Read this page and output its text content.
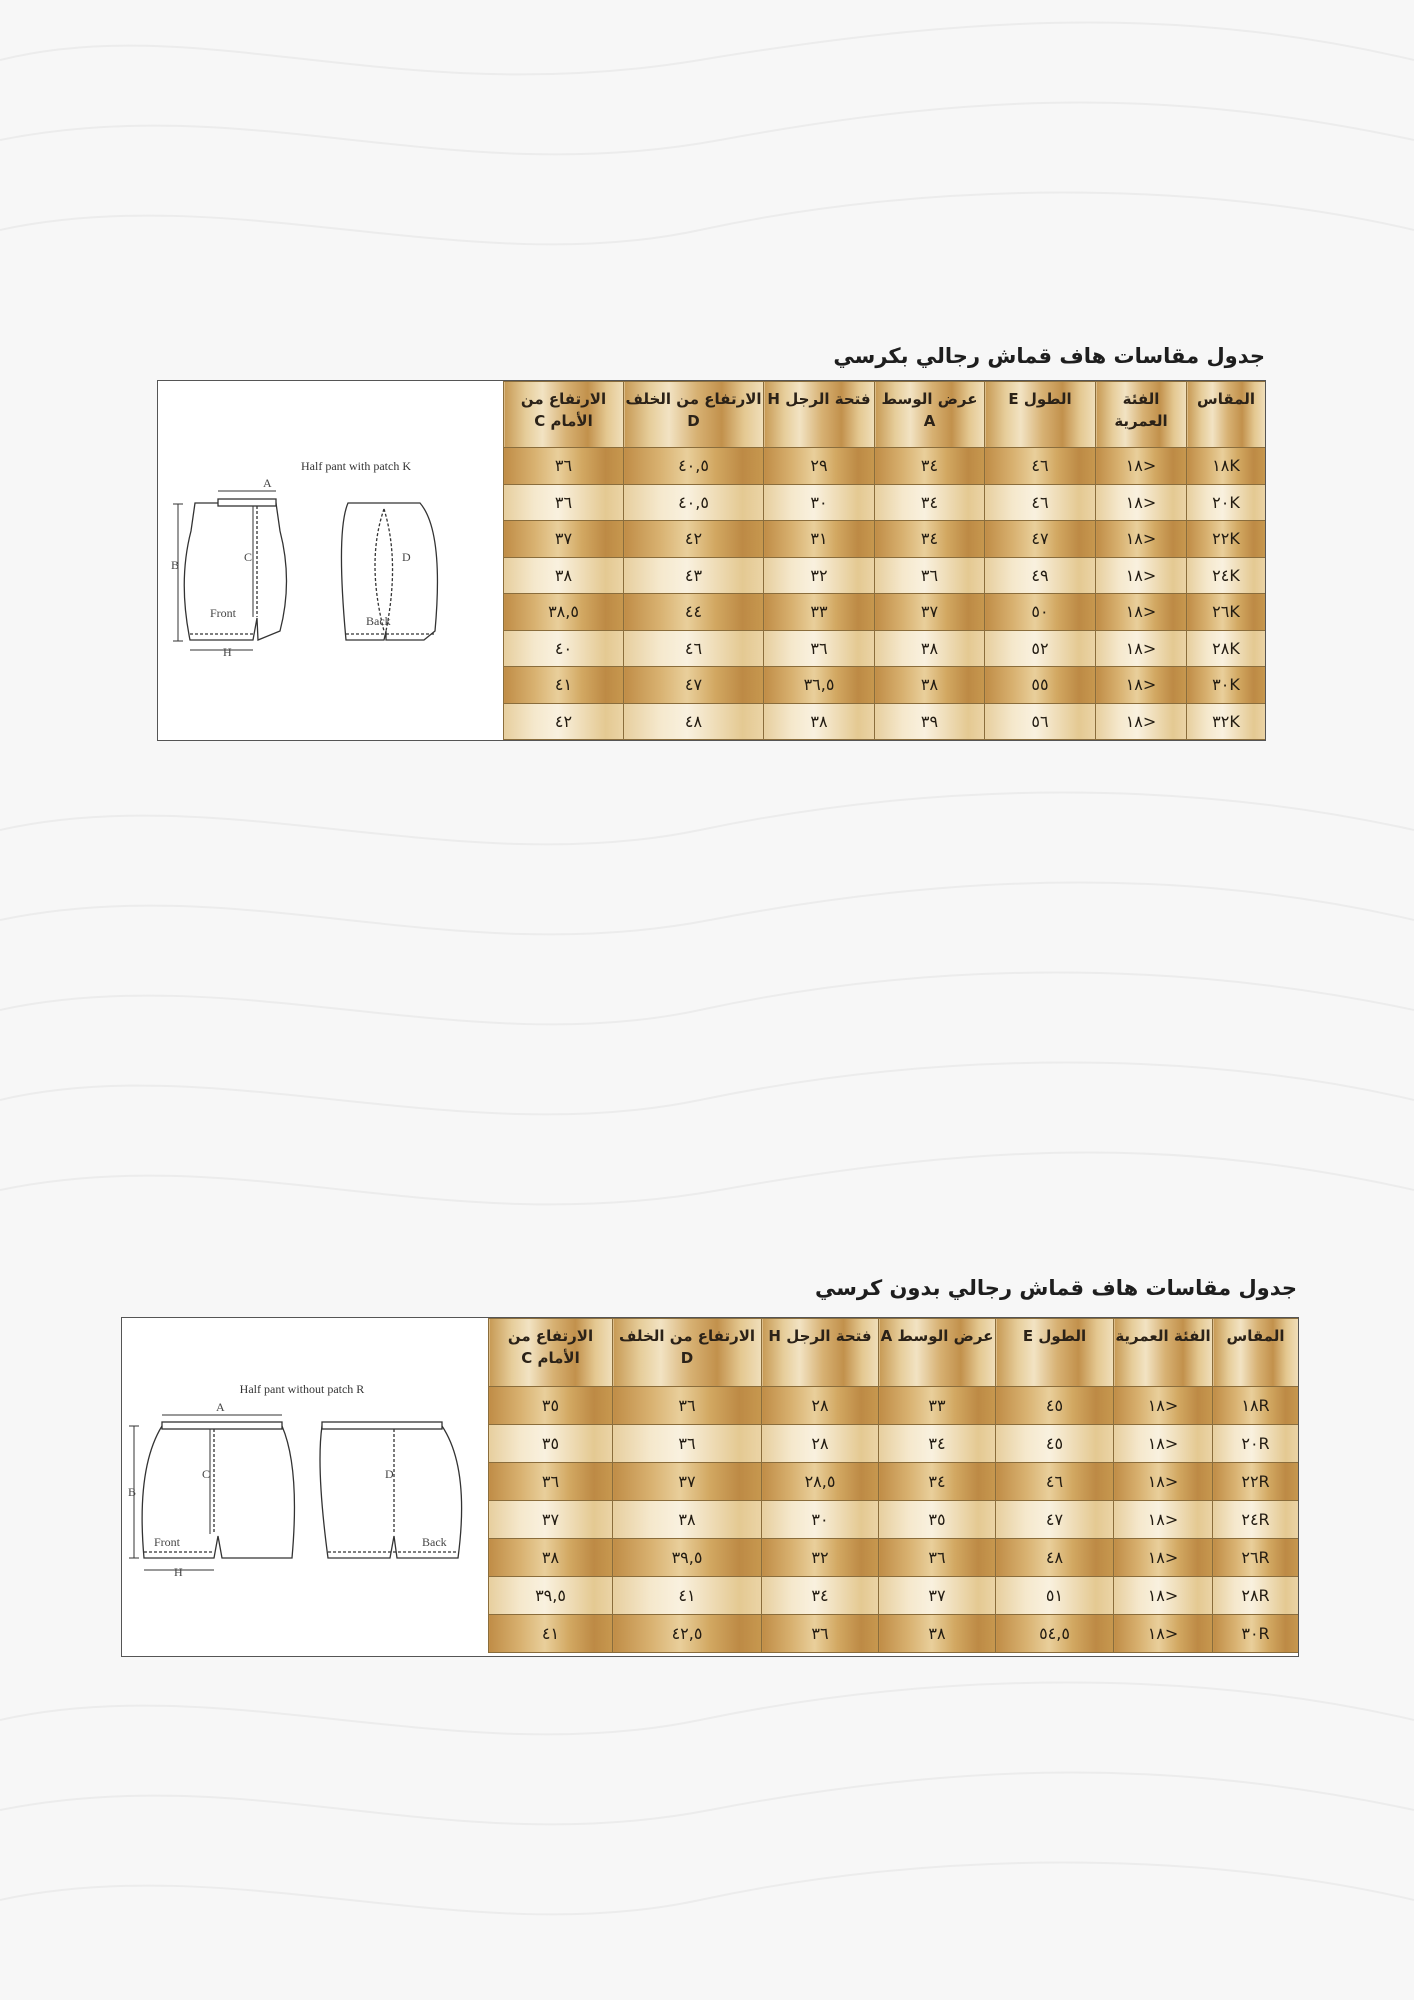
جدول مقاسات هاف قماش رجالي بكرسي
Half pant with patch K
A
B
C
H
Front
D
Back
المقاس	الفئة العمرية	الطول E	عرض الوسط A	فتحة الرجل H	الارتفاع من الخلف D	الارتفاع من الأمام C
١٨K	<١٨	٤٦	٣٤	٢٩	٤٠,٥	٣٦
٢٠K	<١٨	٤٦	٣٤	٣٠	٤٠,٥	٣٦
٢٢K	<١٨	٤٧	٣٤	٣١	٤٢	٣٧
٢٤K	<١٨	٤٩	٣٦	٣٢	٤٣	٣٨
٢٦K	<١٨	٥٠	٣٧	٣٣	٤٤	٣٨,٥
٢٨K	<١٨	٥٢	٣٨	٣٦	٤٦	٤٠
٣٠K	<١٨	٥٥	٣٨	٣٦,٥	٤٧	٤١
٣٢K	<١٨	٥٦	٣٩	٣٨	٤٨	٤٢
جدول مقاسات هاف قماش رجالي بدون كرسي
Half pant without patch R
A
B
C
H
Front
D
Back
المقاس	الفئة العمرية	الطول E	عرض الوسط A	فتحة الرجل H	الارتفاع من الخلف D	الارتفاع من الأمام C
١٨R	<١٨	٤٥	٣٣	٢٨	٣٦	٣٥
٢٠R	<١٨	٤٥	٣٤	٢٨	٣٦	٣٥
٢٢R	<١٨	٤٦	٣٤	٢٨,٥	٣٧	٣٦
٢٤R	<١٨	٤٧	٣٥	٣٠	٣٨	٣٧
٢٦R	<١٨	٤٨	٣٦	٣٢	٣٩,٥	٣٨
٢٨R	<١٨	٥١	٣٧	٣٤	٤١	٣٩,٥
٣٠R	<١٨	٥٤,٥	٣٨	٣٦	٤٢,٥	٤١
